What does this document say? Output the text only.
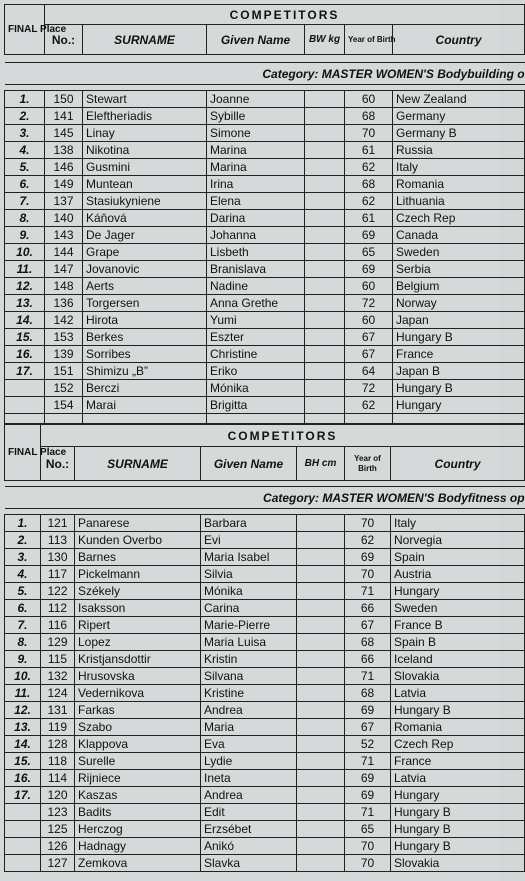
FINAL Place	COMPETITORS					
	No.:	SURNAME	Given Name	BW kg	Year of Birth	Country

Category: MASTER WOMEN'S Bodybuilding o						

1.	150	Stewart	Joanne		60	New Zealand
2.	141	Eleftheriadis	Sybille		68	Germany
3.	145	Linay	Simone		70	Germany B
4.	138	Nikotina	Marina		61	Russia
5.	146	Gusmini	Marina		62	Italy
6.	149	Muntean	Irina		68	Romania
7.	137	Stasiukyniene	Elena		62	Lithuania
8.	140	Káňová	Darina		61	Czech Rep
9.	143	De Jager	Johanna		69	Canada
10.	144	Grape	Lisbeth		65	Sweden
11.	147	Jovanovic	Branislava		69	Serbia
12.	148	Aerts	Nadine		60	Belgium
13.	136	Torgersen	Anna Grethe		72	Norway
14.	142	Hirota	Yumi		60	Japan
15.	153	Berkes	Eszter		67	Hungary B
16.	139	Sorribes	Christine		67	France
17.	151	Shimizu „B”	Eriko		64	Japan B
	152	Berczi	Mónika		72	Hungary B
	154	Marai	Brigitta		62	Hungary

FINAL Place	COMPETITORS					
	No.:	SURNAME	Given Name	BH cm	Year of Birth	Country

Category: MASTER WOMEN'S Bodyfitness op						

1.	121	Panarese	Barbara		70	Italy
2.	113	Kunden Overbo	Evi		62	Norvegia
3.	130	Barnes	Maria Isabel		69	Spain
4.	117	Pickelmann	Silvia		70	Austria
5.	122	Székely	Mónika		71	Hungary
6.	112	Isaksson	Carina		66	Sweden
7.	116	Ripert	Marie-Pierre		67	France B
8.	129	Lopez	Maria Luisa		68	Spain B
9.	115	Kristjansdottir	Kristin		66	Iceland
10.	132	Hrusovska	Silvana		71	Slovakia
11.	124	Vedernikova	Kristine		68	Latvia
12.	131	Farkas	Andrea		69	Hungary B
13.	119	Szabo	Maria		67	Romania
14.	128	Klappova	Eva		52	Czech Rep
15.	118	Surelle	Lydie		71	France
16.	114	Rijniece	Ineta		69	Latvia
17.	120	Kaszas	Andrea		69	Hungary
	123	Badits	Edit		71	Hungary B
	125	Herczog	Erzsébet		65	Hungary B
	126	Hadnagy	Anikó		70	Hungary B
	127	Zemkova	Slavka		70	Slovakia
